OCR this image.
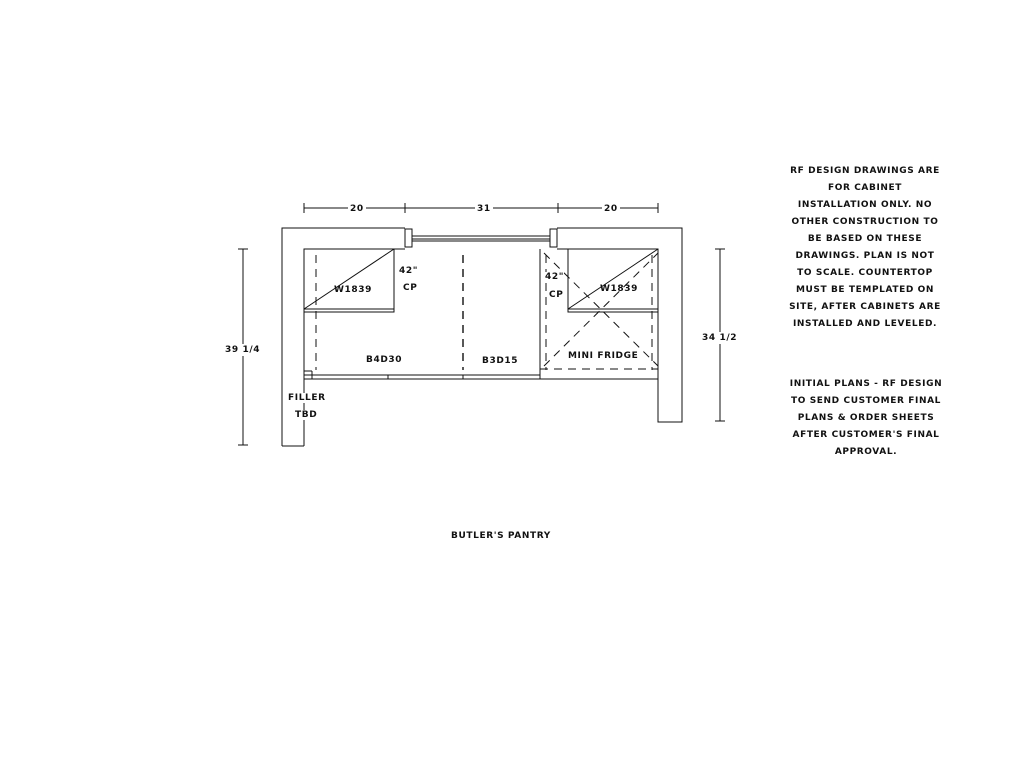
20	31	20
39 1/4
34 1/2
W1839	W1839
B4D30	B3D15	MINI FRIDGE
42"
CP
42"
CP
FILLER
TBD
BUTLER'S PANTRY
RF DESIGN DRAWINGS ARE
FOR CABINET
INSTALLATION ONLY. NO
OTHER CONSTRUCTION TO
BE BASED ON THESE
DRAWINGS. PLAN IS NOT
TO SCALE. COUNTERTOP
MUST BE TEMPLATED ON
SITE, AFTER CABINETS ARE
INSTALLED AND LEVELED.
INITIAL PLANS - RF DESIGN
TO SEND CUSTOMER FINAL
PLANS & ORDER SHEETS
AFTER CUSTOMER'S FINAL
APPROVAL.
